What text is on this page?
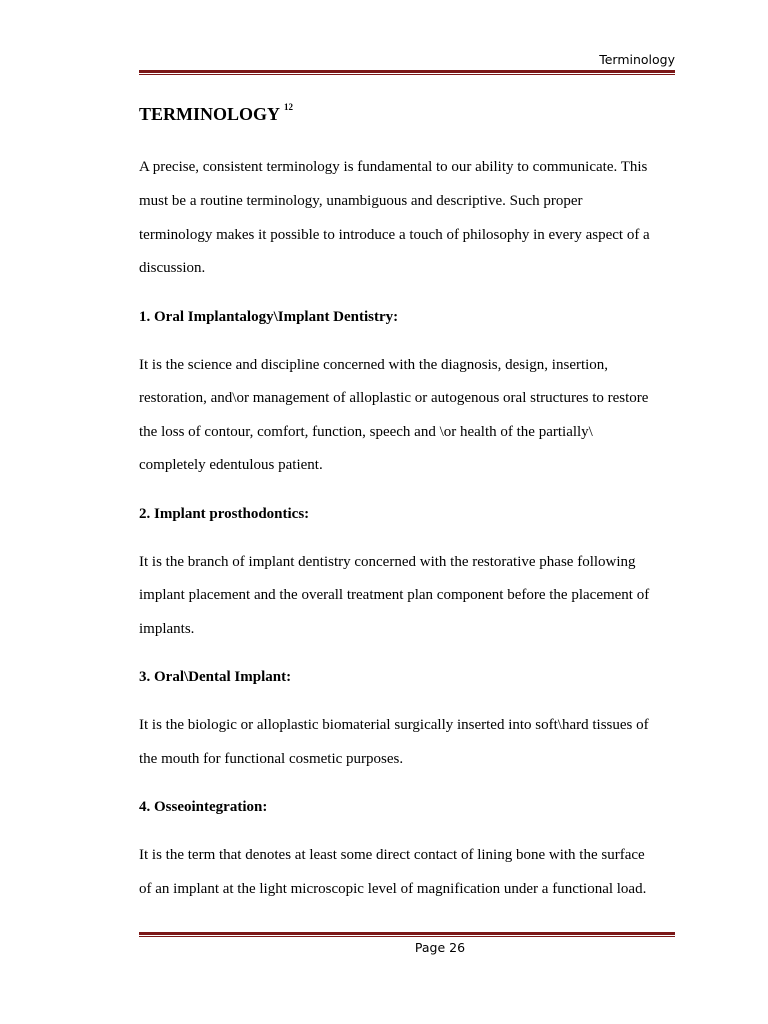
Terminology
TERMINOLOGY $^{12}$
A precise, consistent terminology is fundamental to our ability to communicate. This
must be a routine terminology, unambiguous and descriptive. Such proper
terminology makes it possible to introduce a touch of philosophy in every aspect of a
discussion.
1. Oral Implantalogy\Implant Dentistry:
It is the science and discipline concerned with the diagnosis, design, insertion,
restoration, and\or management of alloplastic or autogenous oral structures to restore
the loss of contour, comfort, function, speech and \or health of the partially\
completely edentulous patient.
2. Implant prosthodontics:
It is the branch of implant dentistry concerned with the restorative phase following
implant placement and the overall treatment plan component before the placement of
implants.
3. Oral\Dental Implant:
It is the biologic or alloplastic biomaterial surgically inserted into soft\hard tissues of
the mouth for functional cosmetic purposes.
4. Osseointegration:
It is the term that denotes at least some direct contact of lining bone with the surface
of an implant at the light microscopic level of magnification under a functional load.
Page 26
